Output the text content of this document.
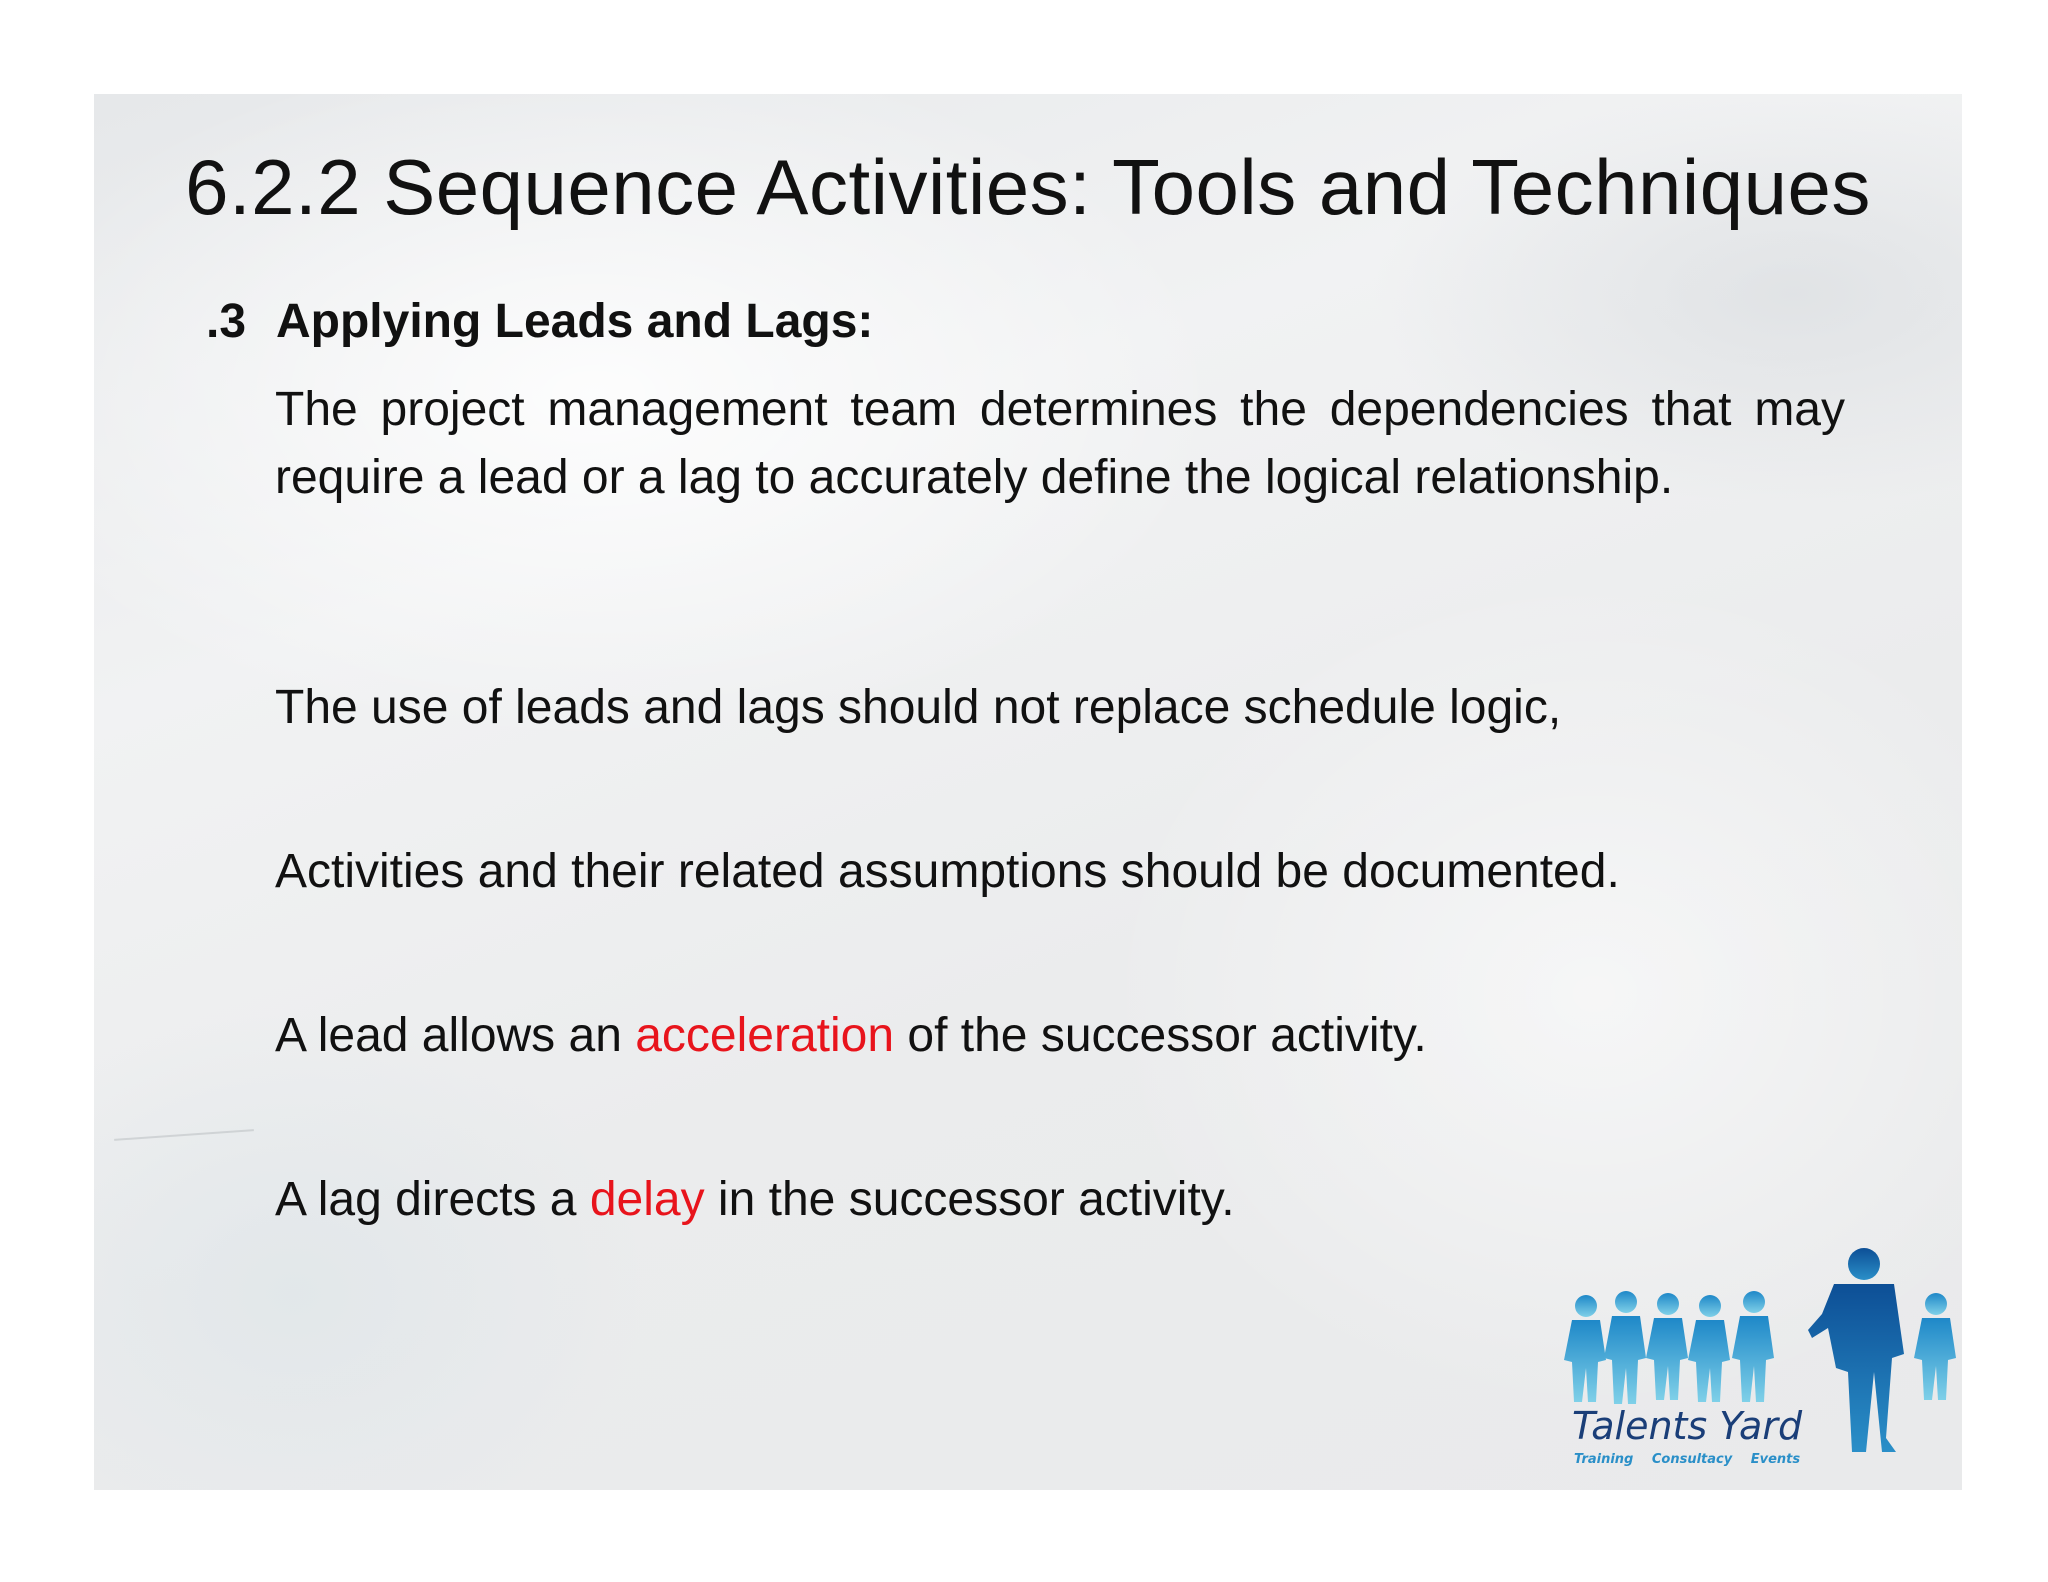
6.2.2 Sequence Activities: Tools and Techniques
.3 Applying Leads and Lags:
The project management team determines the dependencies that may require a lead or a lag to accurately define the logical relationship.
The use of leads and lags should not replace schedule logic,
Activities and their related assumptions should be documented.
A lead allows an acceleration of the successor activity.
A lag directs a delay in the successor activity.
Talents Yard
Training Consultacy Events
